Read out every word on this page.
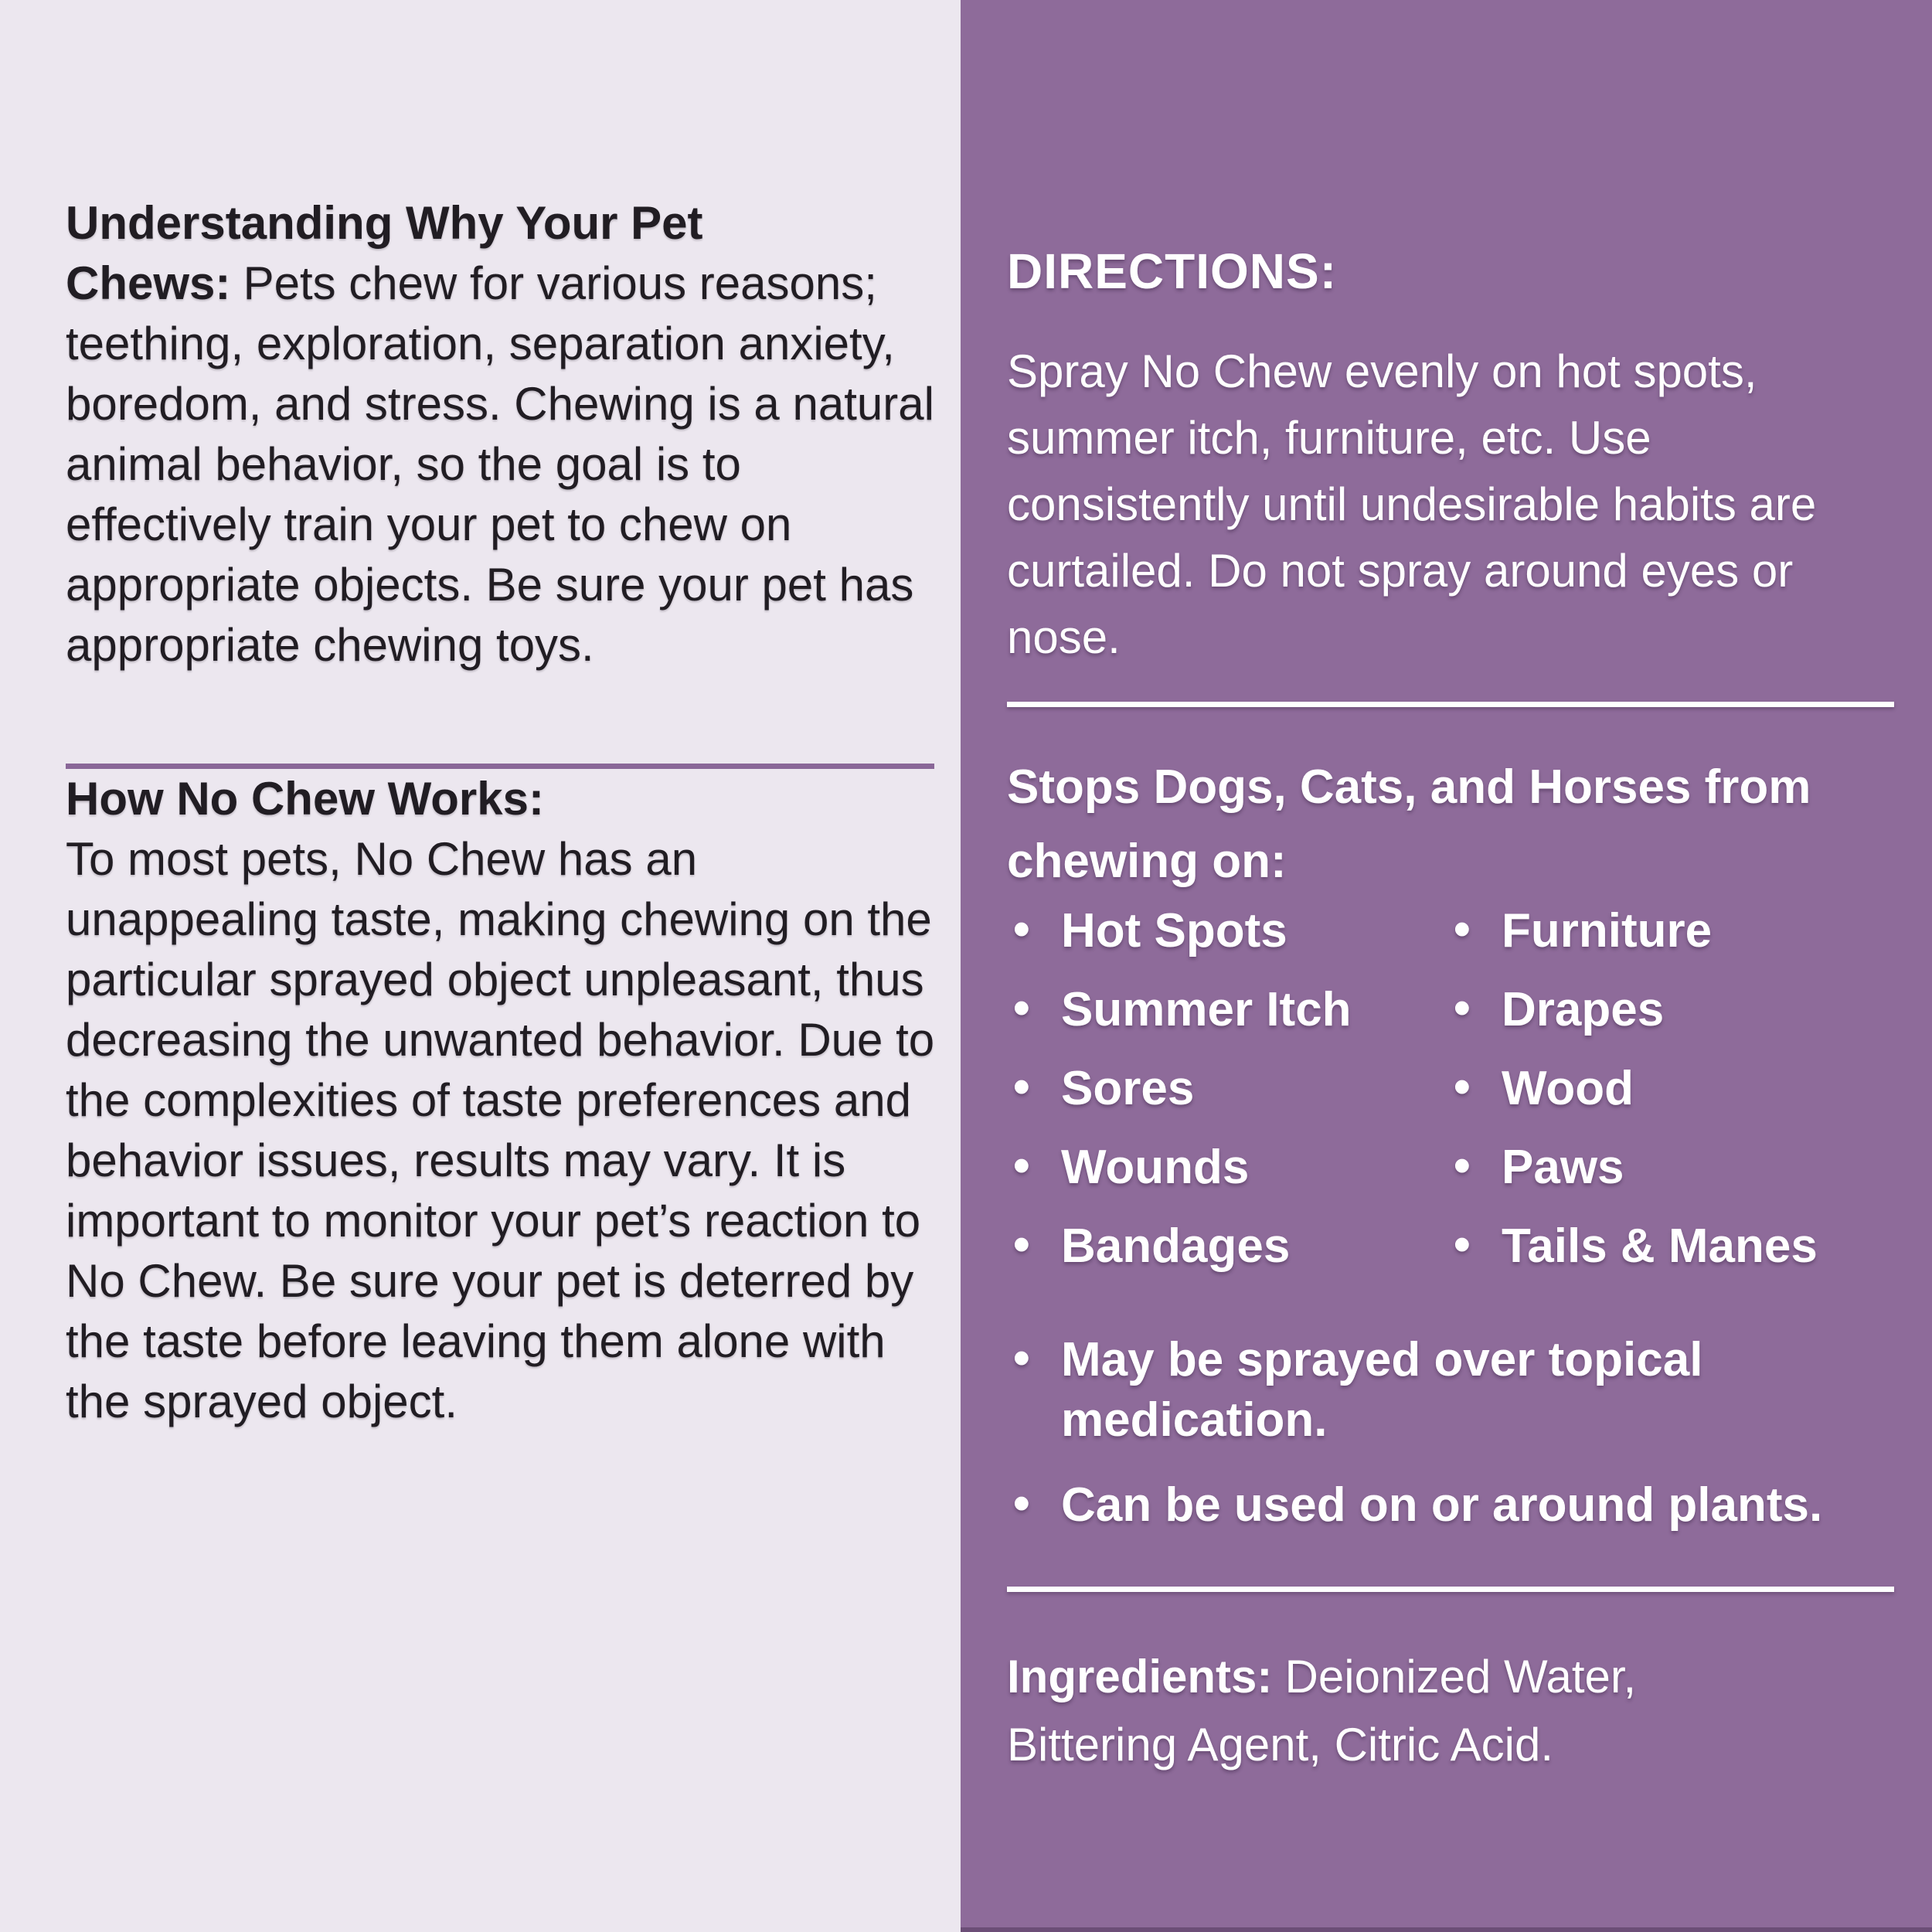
Understanding Why Your Pet Chews: Pets chew for various reasons; teething, exploration, separation anxiety, boredom, and stress. Chewing is a natural animal behavior, so the goal is to effectively train your pet to chew on appropriate objects. Be sure your pet has appropriate chewing toys.

How No Chew Works:
To most pets, No Chew has an unappealing taste, making chewing on the particular sprayed object unpleasant, thus decreasing the unwanted behavior. Due to the complexities of taste preferences and behavior issues, results may vary. It is important to monitor your pet’s reaction to No Chew. Be sure your pet is deterred by the taste before leaving them alone with the sprayed object.

DIRECTIONS:

Spray No Chew evenly on hot spots, summer itch, furniture, etc. Use consistently until undesirable habits are curtailed. Do not spray around eyes or nose.

Stops Dogs, Cats, and Horses from chewing on:
• Hot Spots
• Summer Itch
• Sores
• Wounds
• Bandages
• Furniture
• Drapes
• Wood
• Paws
• Tails & Manes
• May be sprayed over topical medication.
• Can be used on or around plants.

Ingredients: Deionized Water, Bittering Agent, Citric Acid.
